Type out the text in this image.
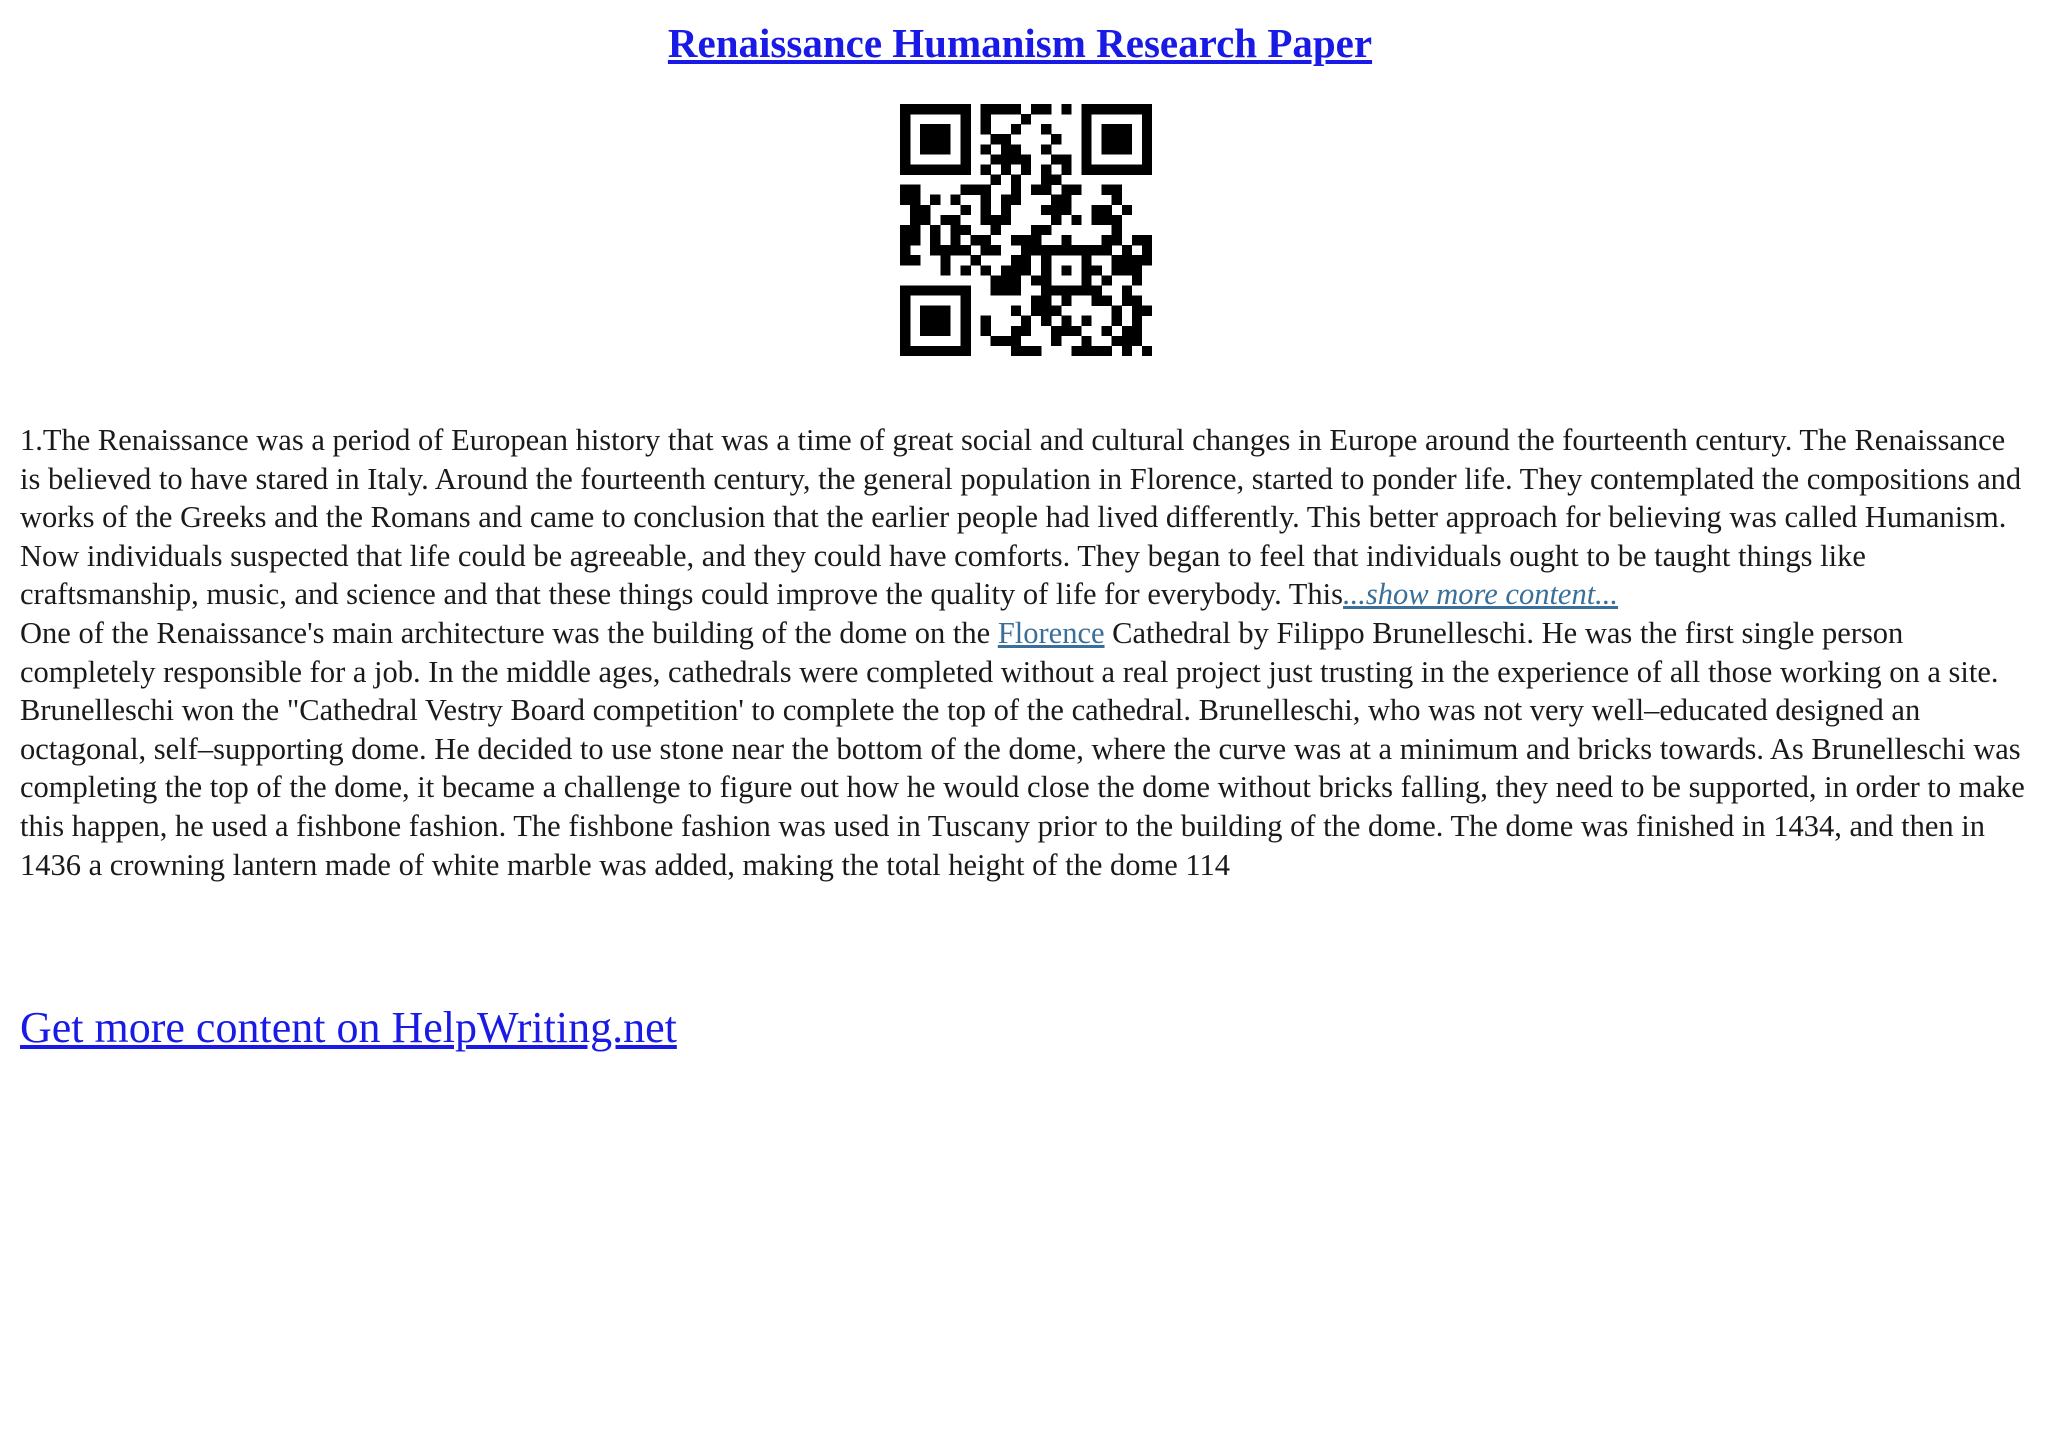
Renaissance Humanism Research Paper

1.The Renaissance was a period of European history that was a time of great social and cultural changes in Europe around the fourteenth century. The Renaissance is believed to have stared in Italy. Around the fourteenth century, the general population in Florence, started to ponder life. They contemplated the compositions and works of the Greeks and the Romans and came to conclusion that the earlier people had lived differently. This better approach for believing was called Humanism. Now individuals suspected that life could be agreeable, and they could have comforts. They began to feel that individuals ought to be taught things like craftsmanship, music, and science and that these things could improve the quality of life for everybody. This...show more content...

One of the Renaissance's main architecture was the building of the dome on the Florence Cathedral by Filippo Brunelleschi. He was the first single person completely responsible for a job. In the middle ages, cathedrals were completed without a real project just trusting in the experience of all those working on a site. Brunelleschi won the "Cathedral Vestry Board competition' to complete the top of the cathedral. Brunelleschi, who was not very well–educated designed an octagonal, self–supporting dome. He decided to use stone near the bottom of the dome, where the curve was at a minimum and bricks towards. As Brunelleschi was completing the top of the dome, it became a challenge to figure out how he would close the dome without bricks falling, they need to be supported, in order to make this happen, he used a fishbone fashion. The fishbone fashion was used in Tuscany prior to the building of the dome. The dome was finished in 1434, and then in 1436 a crowning lantern made of white marble was added, making the total height of the dome 114

Get more content on HelpWriting.net
